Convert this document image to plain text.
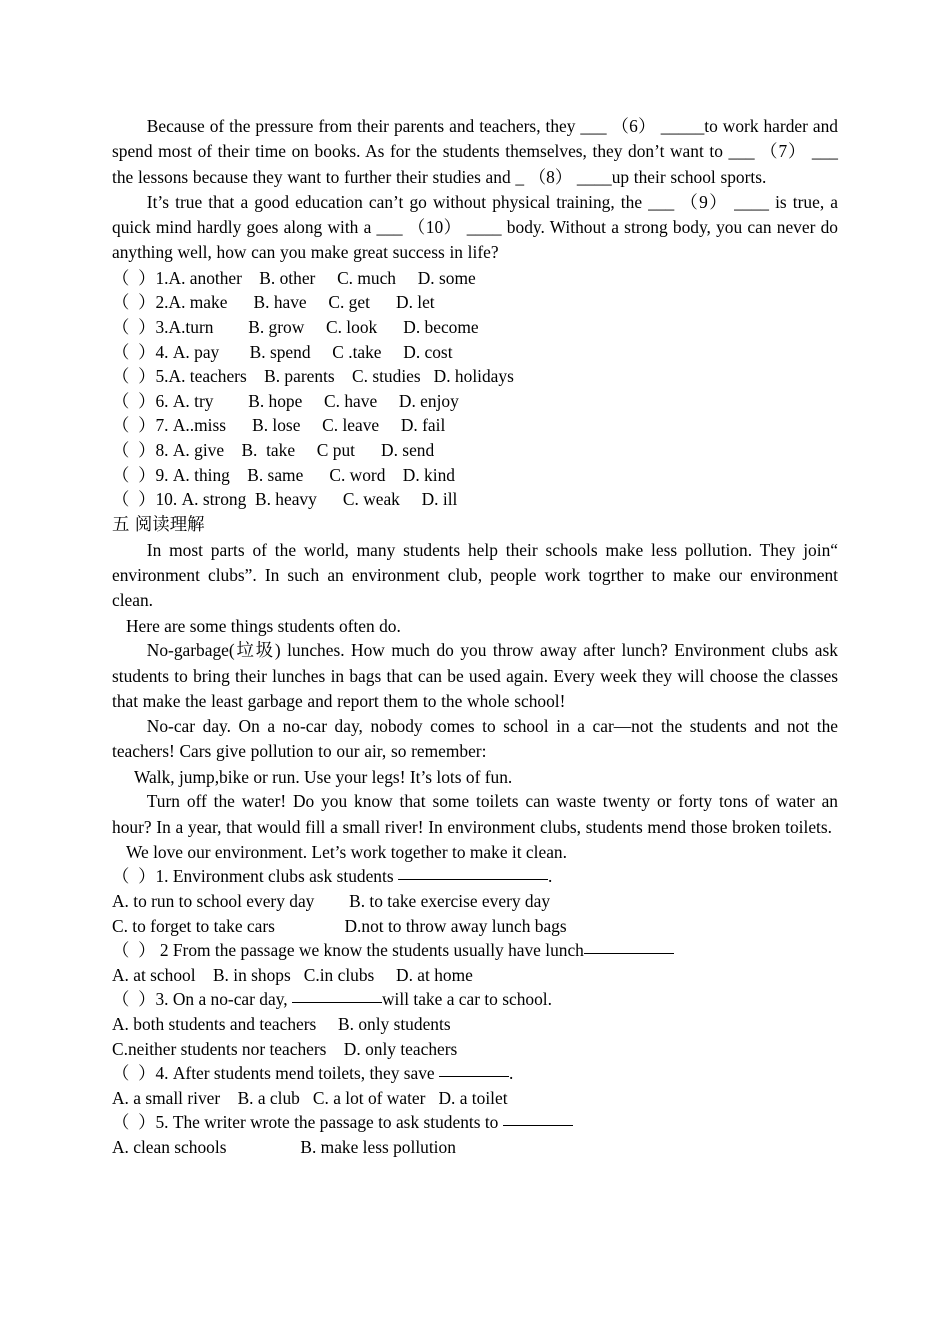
Because of the pressure from their parents and teachers, they ___ （6） _____to work harder and spend most of their time on books. As for the students themselves, they don’t want to ___ （7） ___ the lessons because they want to further their studies and _ （8） ____up their school sports.

It’s true that a good education can’t go without physical training, the ___ （9） ____ is true, a quick mind hardly goes along with a ___ （10） ____ body. Without a strong body, you can never do anything well, how can you make great success in life?

（  ）1.A. another    B. other     C. much     D. some

（  ）2.A. make      B. have     C. get      D. let

（  ）3.A.turn        B. grow     C. look      D. become

（  ）4. A. pay       B. spend     C .take     D. cost

（  ）5.A. teachers    B. parents    C. studies   D. holidays

（  ）6. A. try        B. hope     C. have     D. enjoy

（  ）7. A..miss      B. lose     C. leave     D. fail

（  ）8. A. give    B.  take     C put      D. send

（  ）9. A. thing    B. same      C. word    D. kind

（  ）10. A. strong  B. heavy      C. weak     D. ill

五 阅读理解

In most parts of the world, many students help their schools make less pollution. They join“ environment clubs”. In such an environment club, people work togrther to make our environment clean.

Here are some things students often do.

No-garbage(垃圾) lunches. How much do you throw away after lunch? Environment clubs ask students to bring their lunches in bags that can be used again. Every week they will choose the classes that make the least garbage and report them to the whole school!

No-car day. On a no-car day, nobody comes to school in a car—not the students and not the teachers! Cars give pollution to our air, so remember:

Walk, jump,bike or run. Use your legs! It’s lots of fun.

Turn off the water! Do you know that some toilets can waste twenty or forty tons of water an hour? In a year, that would fill a small river! In environment clubs, students mend those broken toilets.

We love our environment. Let’s work together to make it clean.

（  ）1. Environment clubs ask students	.

A. to run to school every day        B. to take exercise every day

C. to forget to take cars                D.not to throw away lunch bags

（  ） 2 From the passage we know the students usually have lunch

A. at school    B. in shops   C.in clubs     D. at home

（  ）3. On a no-car day,	will take a car to school.

A. both students and teachers     B. only students

C.neither students nor teachers    D. only teachers

（  ）4. After students mend toilets, they save	.

A. a small river    B. a club   C. a lot of water   D. a toilet

（  ）5. The writer wrote the passage to ask students to

A. clean schools                 B. make less pollution
